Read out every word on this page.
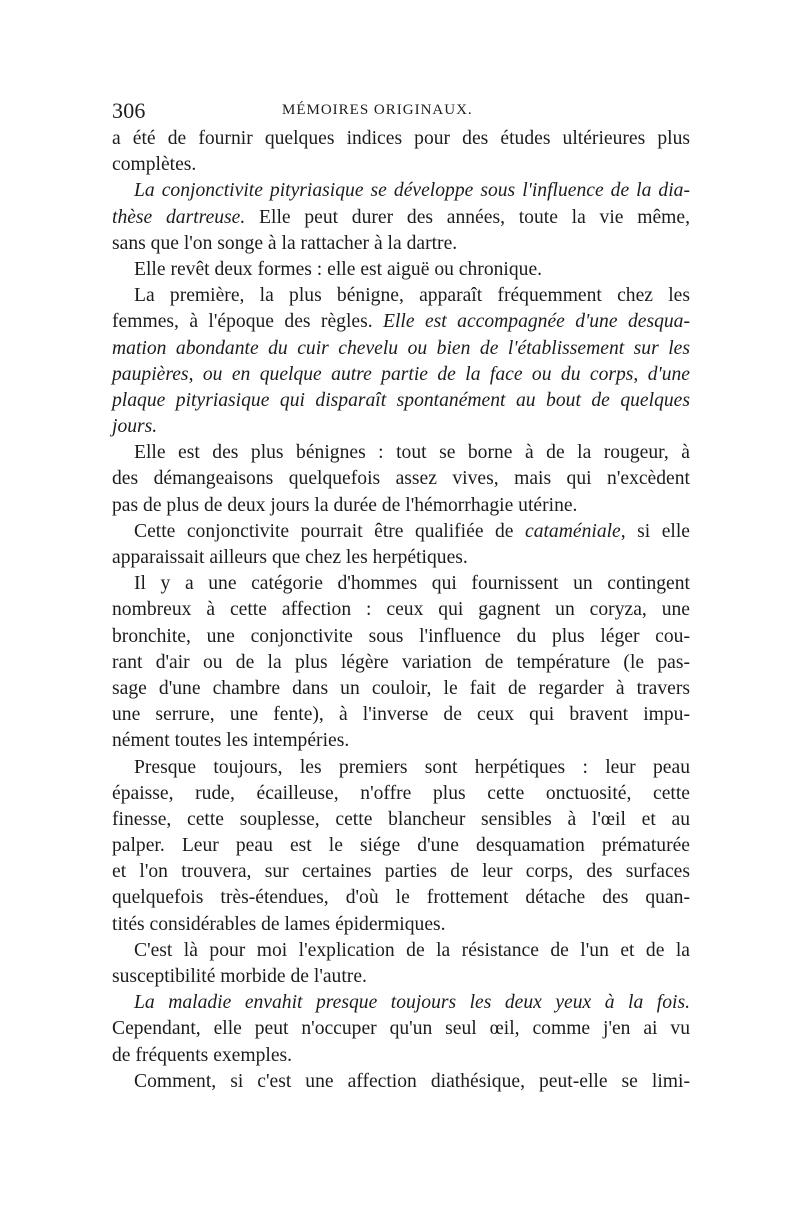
306	MÉMOIRES ORIGINAUX.
a été de fournir quelques indices pour des études ultérieures plus
complètes.
La conjonctivite pityriasique se développe sous l'influence de la dia-
thèse dartreuse. Elle peut durer des années, toute la vie même,
sans que l'on songe à la rattacher à la dartre.
Elle revêt deux formes : elle est aiguë ou chronique.
La première, la plus bénigne, apparaît fréquemment chez les
femmes, à l'époque des règles. Elle est accompagnée d'une desqua-
mation abondante du cuir chevelu ou bien de l'établissement sur les
paupières, ou en quelque autre partie de la face ou du corps, d'une
plaque pityriasique qui disparaît spontanément au bout de quelques
jours.
Elle est des plus bénignes : tout se borne à de la rougeur, à
des démangeaisons quelquefois assez vives, mais qui n'excèdent
pas de plus de deux jours la durée de l'hémorrhagie utérine.
Cette conjonctivite pourrait être qualifiée de cataméniale, si elle
apparaissait ailleurs que chez les herpétiques.
Il y a une catégorie d'hommes qui fournissent un contingent
nombreux à cette affection : ceux qui gagnent un coryza, une
bronchite, une conjonctivite sous l'influence du plus léger cou-
rant d'air ou de la plus légère variation de température (le pas-
sage d'une chambre dans un couloir, le fait de regarder à travers
une serrure, une fente), à l'inverse de ceux qui bravent impu-
nément toutes les intempéries.
Presque toujours, les premiers sont herpétiques : leur peau
épaisse, rude, écailleuse, n'offre plus cette onctuosité, cette
finesse, cette souplesse, cette blancheur sensibles à l'œil et au
palper. Leur peau est le siége d'une desquamation prématurée
et l'on trouvera, sur certaines parties de leur corps, des surfaces
quelquefois très-étendues, d'où le frottement détache des quan-
tités considérables de lames épidermiques.
C'est là pour moi l'explication de la résistance de l'un et de la
susceptibilité morbide de l'autre.
La maladie envahit presque toujours les deux yeux à la fois.
Cependant, elle peut n'occuper qu'un seul œil, comme j'en ai vu
de fréquents exemples.
Comment, si c'est une affection diathésique, peut-elle se limi-
